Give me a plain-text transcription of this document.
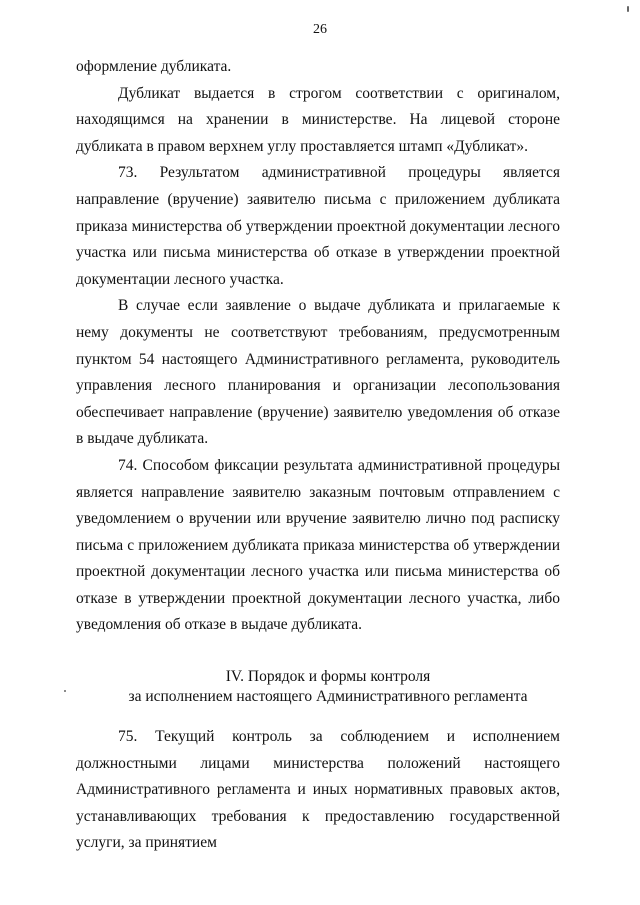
26

оформление дубликата.

Дубликат выдается в строгом соответствии с оригиналом, находящимся на хранении в министерстве. На лицевой стороне дубликата в правом верхнем углу проставляется штамп «Дубликат».

73. Результатом административной процедуры является направление (вручение) заявителю письма с приложением дубликата приказа министерства об утверждении проектной документации лесного участка или письма министерства об отказе в утверждении проектной документации лесного участка.

В случае если заявление о выдаче дубликата и прилагаемые к нему документы не соответствуют требованиям, предусмотренным пунктом 54 настоящего Административного регламента, руководитель управления лесного планирования и организации лесопользования обеспечивает направление (вручение) заявителю уведомления об отказе в выдаче дубликата.

74. Способом фиксации результата административной процедуры является направление заявителю заказным почтовым отправлением с уведомлением о вручении или вручение заявителю лично под расписку письма с приложением дубликата приказа министерства об утверждении проектной документации лесного участка или письма министерства об отказе в утверждении проектной документации лесного участка, либо уведомления об отказе в выдаче дубликата.

IV. Порядок и формы контроля
за исполнением настоящего Административного регламента

75. Текущий контроль за соблюдением и исполнением должностными лицами министерства положений настоящего Административного регламента и иных нормативных правовых актов, устанавливающих требования к предоставлению государственной услуги, за принятием
